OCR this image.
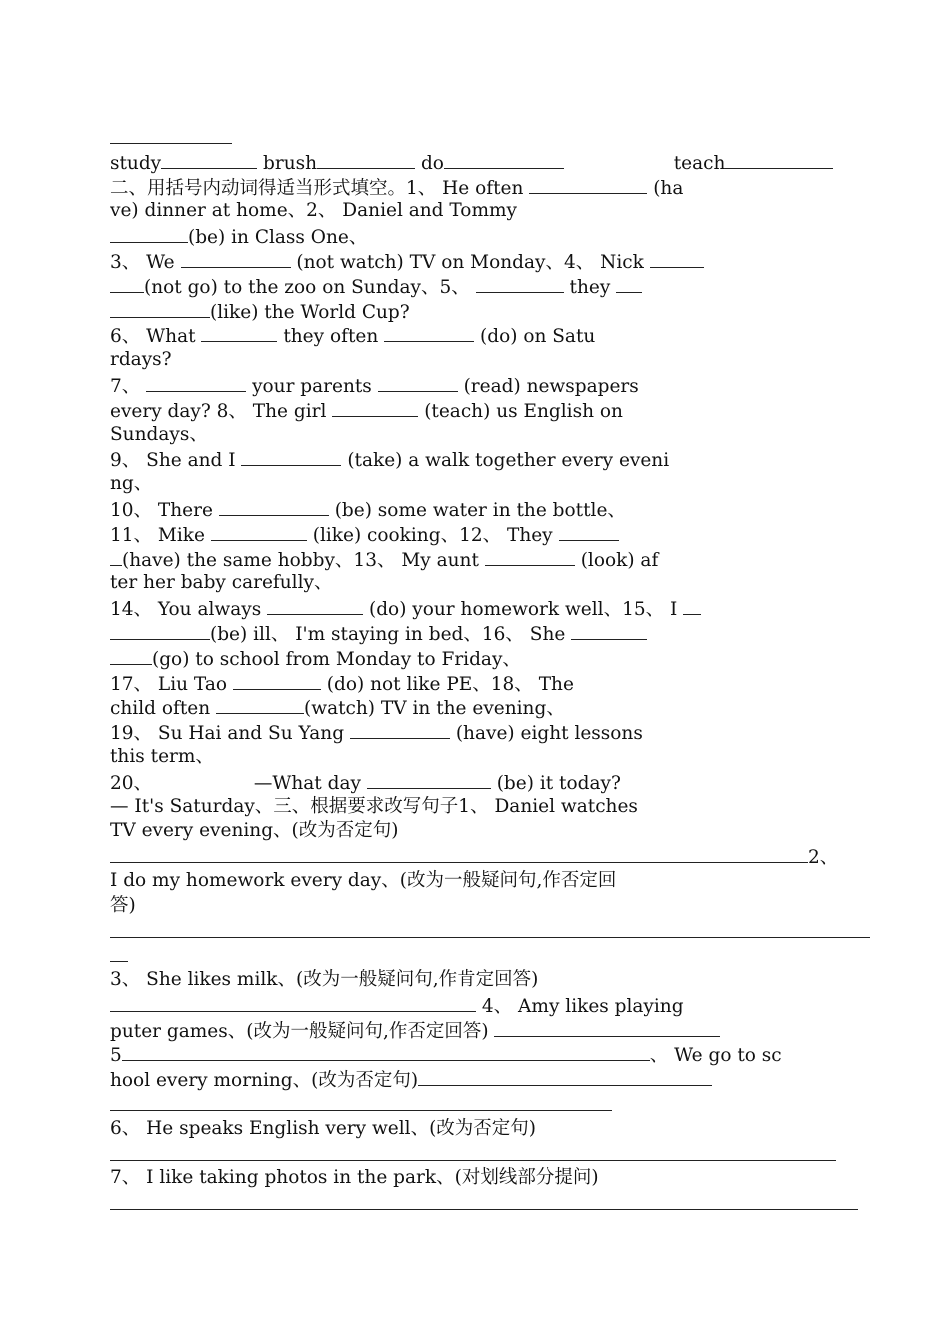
study	brush	do	teach
二、用括号内动词得适当形式填空。1、 He often	(ha
ve) dinner at home、2、 Daniel and Tommy
(be) in Class One、
3、 We	(not watch) TV on Monday、4、 Nick
(not go) to the zoo on Sunday、5、	they
(like) the World Cup?
6、 What	they often	(do) on Satu
rdays?
7、	your parents	(read) newspapers
every day? 8、 The girl	(teach) us English on
Sundays、
9、 She and I	(take) a walk together every eveni
ng、
10、 There	(be) some water in the bottle、
11、 Mike	(like) cooking、12、 They
(have) the same hobby、13、 My aunt	(look) af
ter her baby carefully、
14、 You always	(do) your homework well、15、 I
(be) ill、 I'm staying in bed、16、 She
(go) to school from Monday to Friday、
17、 Liu Tao	(do) not like PE、18、 The
child often	(watch) TV in the evening、
19、 Su Hai and Su Yang	(have) eight lessons
this term、
20、	—What day	(be) it today?
— It's Saturday、三、根据要求改写句子1、 Daniel watches
TV every evening、(改为否定句)
2、
I do my homework every day、(改为一般疑问句,作否定回
答)
3、 She likes milk、(改为一般疑问句,作肯定回答)
4、 Amy likes playing
puter games、(改为一般疑问句,作否定回答)
5	、 We go to sc
hool every morning、(改为否定句)
6、 He speaks English very well、(改为否定句)
7、 I like taking photos in the park、(对划线部分提问)
